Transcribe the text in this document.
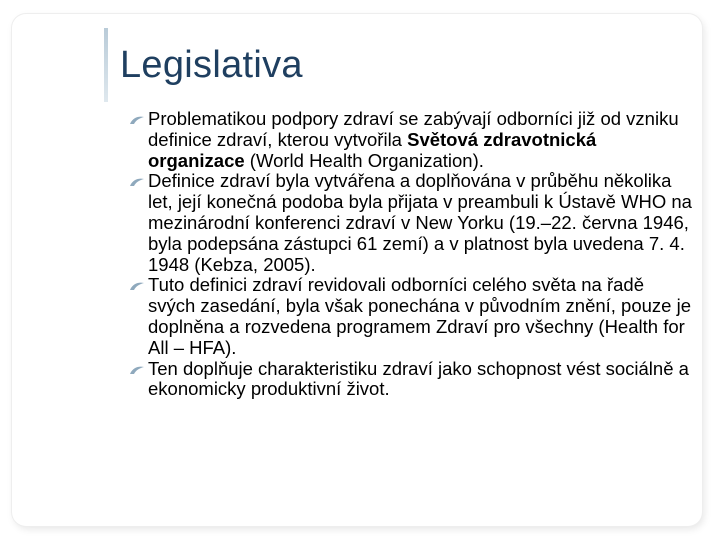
Legislativa

Problematikou podpory zdraví se zabývají odborníci již od vzniku definice zdraví, kterou vytvořila Světová zdravotnická organizace (World Health Organization).

Definice zdraví byla vytvářena a doplňována v průběhu několika let, její konečná podoba byla přijata v preambuli k Ústavě WHO na mezinárodní konferenci zdraví v New Yorku (19.–22. června 1946, byla podepsána zástupci 61 zemí) a v platnost byla uvedena 7. 4. 1948 (Kebza, 2005).

Tuto definici zdraví revidovali odborníci celého světa na řadě svých zasedání, byla však ponechána v původním znění, pouze je doplněna a rozvedena programem Zdraví pro všechny (Health for All – HFA).

Ten doplňuje charakteristiku zdraví jako schopnost vést sociálně a ekonomicky produktivní život.
